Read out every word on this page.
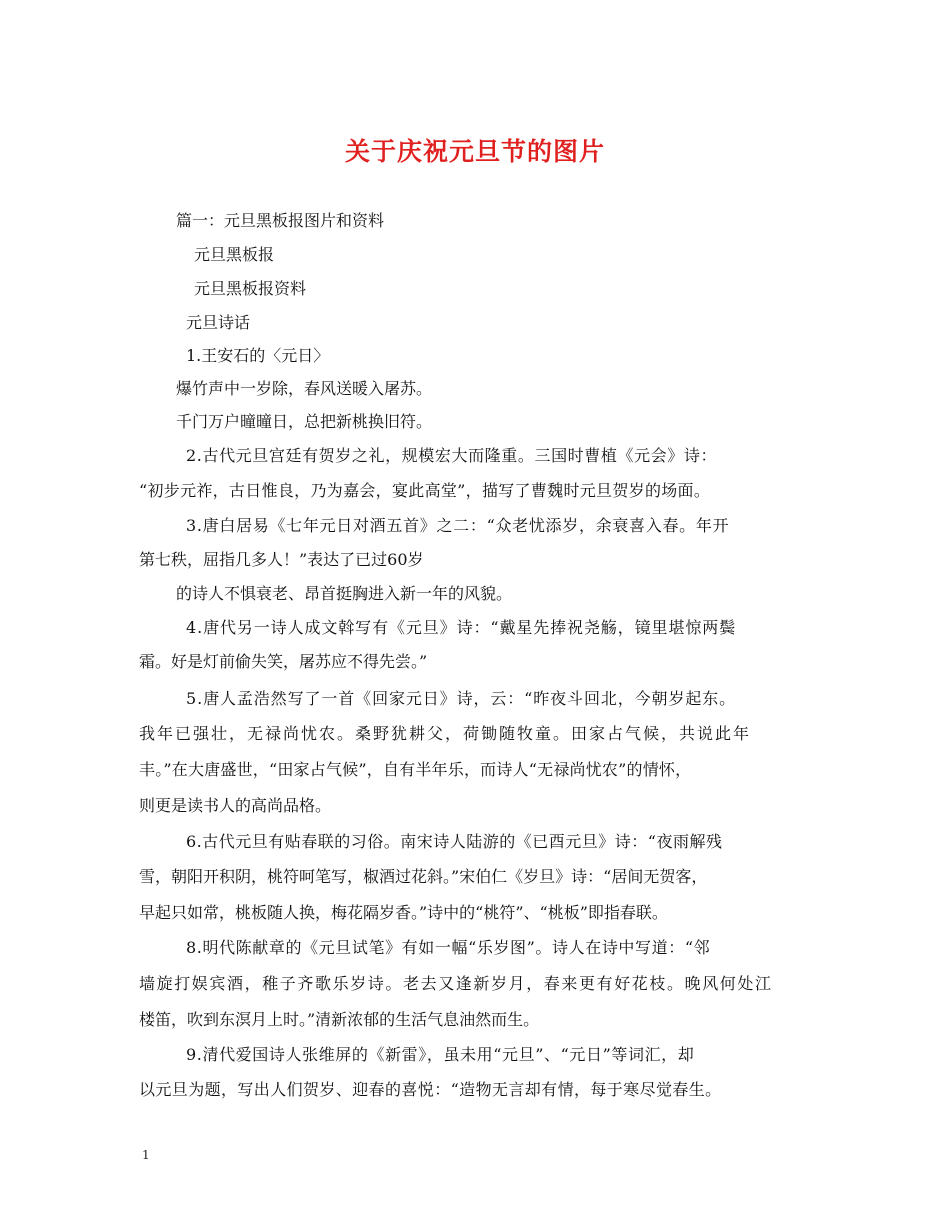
关于庆祝元旦节的图片
篇一：元旦黑板报图片和资料
元旦黑板报
元旦黑板报资料
元旦诗话
1.王安石的〈元日〉
爆竹声中一岁除，春风送暖入屠苏。
千门万户曈曈日，总把新桃换旧符。
2.古代元旦宫廷有贺岁之礼，规模宏大而隆重。三国时曹植《元会》诗：
“初步元祚，古日惟良，乃为嘉会，宴此高堂”，描写了曹魏时元旦贺岁的场面。
3.唐白居易《七年元日对酒五首》之二：“众老忧添岁，余衰喜入春。年开
第七秩，屈指几多人！”表达了已过60岁
的诗人不惧衰老、昂首挺胸进入新一年的风貌。
4.唐代另一诗人成文斡写有《元旦》诗：“戴星先捧祝尧觞，镜里堪惊两鬓
霜。好是灯前偷失笑，屠苏应不得先尝。”
5.唐人孟浩然写了一首《回家元日》诗，云：“昨夜斗回北，今朝岁起东。
我年已强壮，无禄尚忧农。桑野犹耕父，荷锄随牧童。田家占气候，共说此年
丰。”在大唐盛世，“田家占气候”，自有半年乐，而诗人“无禄尚忧农”的情怀，
则更是读书人的高尚品格。
6.古代元旦有贴春联的习俗。南宋诗人陆游的《已酉元旦》诗：“夜雨解残
雪，朝阳开积阴，桃符呵笔写，椒酒过花斜。”宋伯仁《岁旦》诗：“居间无贺客，
早起只如常，桃板随人换，梅花隔岁香。”诗中的“桃符”、“桃板”即指春联。
8.明代陈献章的《元旦试笔》有如一幅“乐岁图”。诗人在诗中写道：“邻
墙旋打娱宾酒，稚子齐歌乐岁诗。老去又逢新岁月，春来更有好花枝。晚风何处江
楼笛，吹到东溟月上时。”清新浓郁的生活气息油然而生。
9.清代爱国诗人张维屏的《新雷》，虽未用“元旦”、“元日”等词汇，却
以元旦为题，写出人们贺岁、迎春的喜悦：“造物无言却有情，每于寒尽觉春生。
1
